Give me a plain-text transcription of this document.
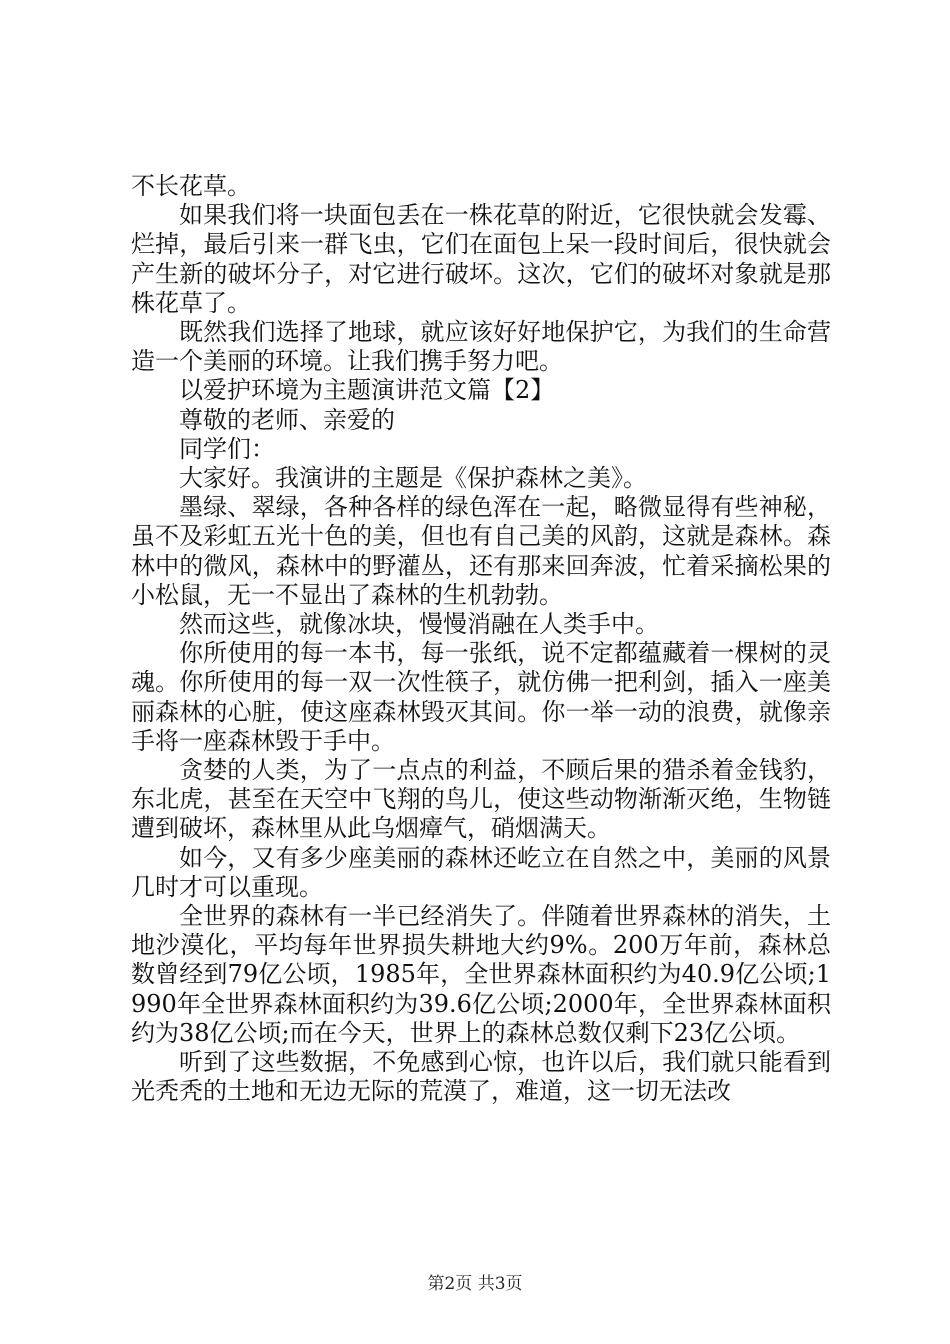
不长花草。

如果我们将一块面包丢在一株花草的附近，它很快就会发霉、烂掉，最后引来一群飞虫，它们在面包上呆一段时间后，很快就会产生新的破坏分子，对它进行破坏。这次，它们的破坏对象就是那株花草了。

既然我们选择了地球，就应该好好地保护它，为我们的生命营造一个美丽的环境。让我们携手努力吧。

以爱护环境为主题演讲范文篇【2】

尊敬的老师、亲爱的

同学们：

大家好。我演讲的主题是《保护森林之美》。

墨绿、翠绿，各种各样的绿色浑在一起，略微显得有些神秘，虽不及彩虹五光十色的美，但也有自己美的风韵，这就是森林。森林中的微风，森林中的野灌丛，还有那来回奔波，忙着采摘松果的小松鼠，无一不显出了森林的生机勃勃。

然而这些，就像冰块，慢慢消融在人类手中。

你所使用的每一本书，每一张纸，说不定都蕴藏着一棵树的灵魂。你所使用的每一双一次性筷子，就仿佛一把利剑，插入一座美丽森林的心脏，使这座森林毁灭其间。你一举一动的浪费，就像亲手将一座森林毁于手中。

贪婪的人类，为了一点点的利益，不顾后果的猎杀着金钱豹，东北虎，甚至在天空中飞翔的鸟儿，使这些动物渐渐灭绝，生物链遭到破坏，森林里从此乌烟瘴气，硝烟满天。

如今，又有多少座美丽的森林还屹立在自然之中，美丽的风景几时才可以重现。

全世界的森林有一半已经消失了。伴随着世界森林的消失，土地沙漠化，平均每年世界损失耕地大约9%。200万年前，森林总数曾经到79亿公顷，1985年，全世界森林面积约为40.9亿公顷;1990年全世界森林面积约为39.6亿公顷;2000年，全世界森林面积约为38亿公顷;而在今天，世界上的森林总数仅剩下23亿公顷。

听到了这些数据，不免感到心惊，也许以后，我们就只能看到光秃秃的土地和无边无际的荒漠了，难道，这一切无法改

第2页 共3页
